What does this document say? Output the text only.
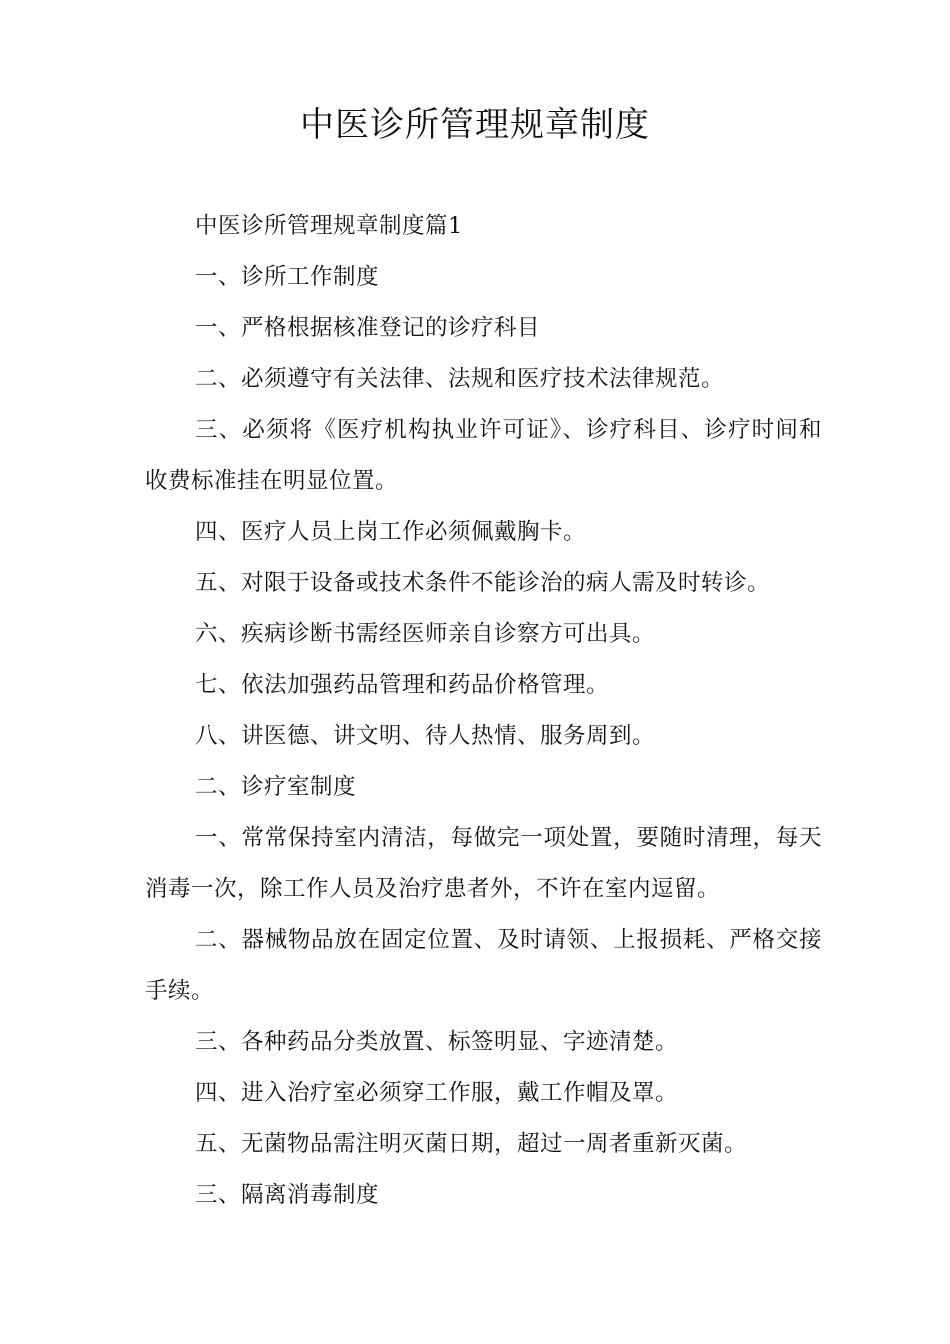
中医诊所管理规章制度

中医诊所管理规章制度篇1

一、诊所工作制度

一、严格根据核准登记的诊疗科目

二、必须遵守有关法律、法规和医疗技术法律规范。

三、必须将《医疗机构执业许可证》、诊疗科目、诊疗时间和收费标准挂在明显位置。

四、医疗人员上岗工作必须佩戴胸卡。

五、对限于设备或技术条件不能诊治的病人需及时转诊。

六、疾病诊断书需经医师亲自诊察方可出具。

七、依法加强药品管理和药品价格管理。

八、讲医德、讲文明、待人热情、服务周到。

二、诊疗室制度

一、常常保持室内清洁，每做完一项处置，要随时清理，每天消毒一次，除工作人员及治疗患者外，不许在室内逗留。

二、器械物品放在固定位置、及时请领、上报损耗、严格交接手续。

三、各种药品分类放置、标签明显、字迹清楚。

四、进入治疗室必须穿工作服，戴工作帽及罩。

五、无菌物品需注明灭菌日期，超过一周者重新灭菌。

三、隔离消毒制度
